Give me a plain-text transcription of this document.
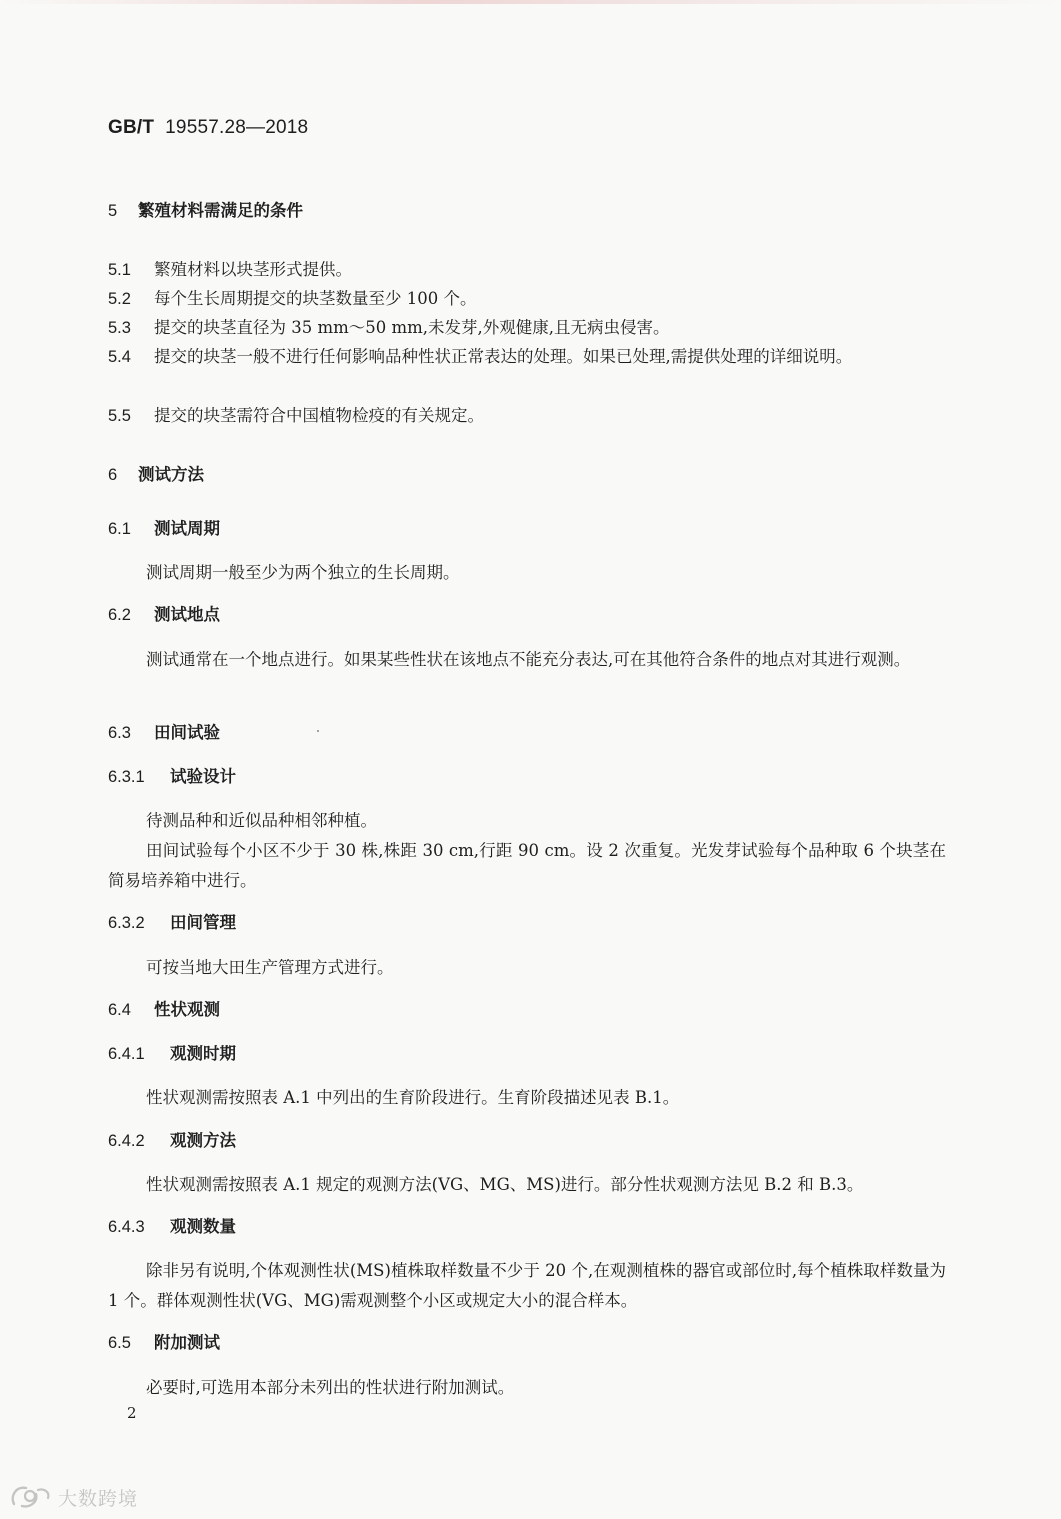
GB/T 19557.28—2018
5 繁殖材料需满足的条件
5.1 繁殖材料以块茎形式提供。
5.2 每个生长周期提交的块茎数量至少 100 个。
5.3 提交的块茎直径为 35 mm～50 mm,未发芽,外观健康,且无病虫侵害。
5.4 提交的块茎一般不进行任何影响品种性状正常表达的处理。如果已处理,需提供处理的详细说明。
5.5 提交的块茎需符合中国植物检疫的有关规定。
6 测试方法
6.1 测试周期
测试周期一般至少为两个独立的生长周期。
6.2 测试地点
测试通常在一个地点进行。如果某些性状在该地点不能充分表达,可在其他符合条件的地点对其进行观测。
6.3 田间试验
6.3.1 试验设计
待测品种和近似品种相邻种植。
田间试验每个小区不少于 30 株,株距 30 cm,行距 90 cm。设 2 次重复。光发芽试验每个品种取 6 个块茎在简易培养箱中进行。
6.3.2 田间管理
可按当地大田生产管理方式进行。
6.4 性状观测
6.4.1 观测时期
性状观测需按照表 A.1 中列出的生育阶段进行。生育阶段描述见表 B.1。
6.4.2 观测方法
性状观测需按照表 A.1 规定的观测方法(VG、MG、MS)进行。部分性状观测方法见 B.2 和 B.3。
6.4.3 观测数量
除非另有说明,个体观测性状(MS)植株取样数量不少于 20 个,在观测植株的器官或部位时,每个植株取样数量为 1 个。群体观测性状(VG、MG)需观测整个小区或规定大小的混合样本。
6.5 附加测试
必要时,可选用本部分未列出的性状进行附加测试。
2
大数跨境
